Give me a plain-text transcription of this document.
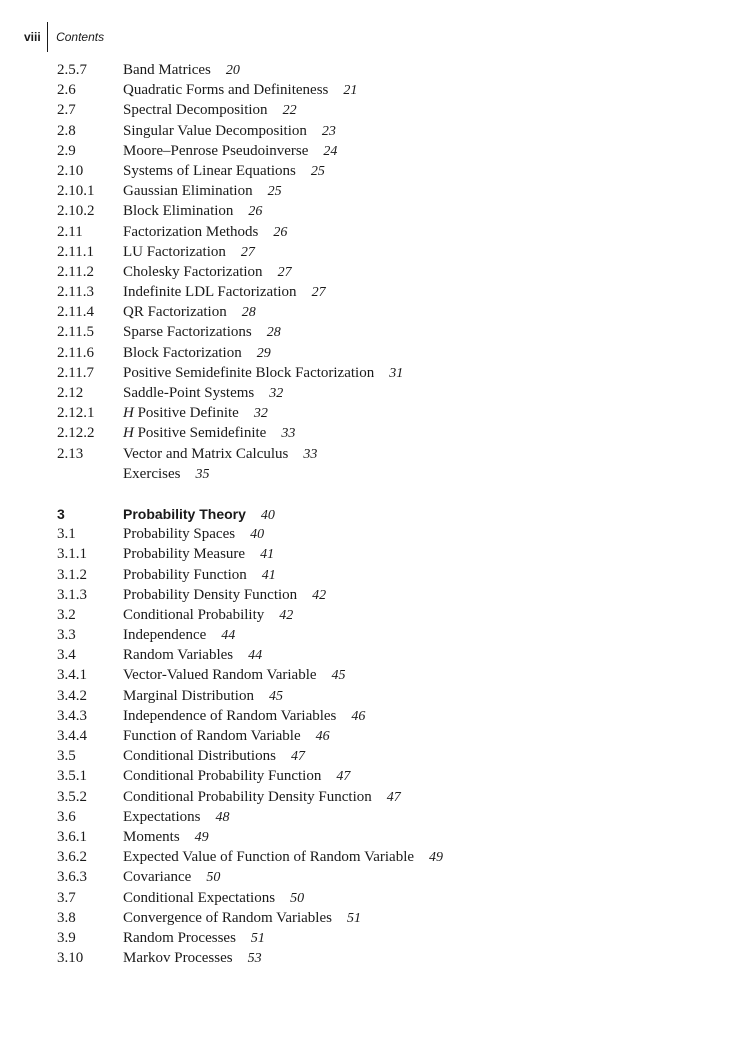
viii	Contents
2.5.7	Band Matrices 20
2.6	Quadratic Forms and Definiteness 21
2.7	Spectral Decomposition 22
2.8	Singular Value Decomposition 23
2.9	Moore–Penrose Pseudoinverse 24
2.10	Systems of Linear Equations 25
2.10.1	Gaussian Elimination 25
2.10.2	Block Elimination 26
2.11	Factorization Methods 26
2.11.1	LU Factorization 27
2.11.2	Cholesky Factorization 27
2.11.3	Indefinite LDL Factorization 27
2.11.4	QR Factorization 28
2.11.5	Sparse Factorizations 28
2.11.6	Block Factorization 29
2.11.7	Positive Semidefinite Block Factorization 31
2.12	Saddle-Point Systems 32
2.12.1	H Positive Definite 32
2.12.2	H Positive Semidefinite 33
2.13	Vector and Matrix Calculus 33
Exercises 35
3	Probability Theory 40
3.1	Probability Spaces 40
3.1.1	Probability Measure 41
3.1.2	Probability Function 41
3.1.3	Probability Density Function 42
3.2	Conditional Probability 42
3.3	Independence 44
3.4	Random Variables 44
3.4.1	Vector-Valued Random Variable 45
3.4.2	Marginal Distribution 45
3.4.3	Independence of Random Variables 46
3.4.4	Function of Random Variable 46
3.5	Conditional Distributions 47
3.5.1	Conditional Probability Function 47
3.5.2	Conditional Probability Density Function 47
3.6	Expectations 48
3.6.1	Moments 49
3.6.2	Expected Value of Function of Random Variable 49
3.6.3	Covariance 50
3.7	Conditional Expectations 50
3.8	Convergence of Random Variables 51
3.9	Random Processes 51
3.10	Markov Processes 53
